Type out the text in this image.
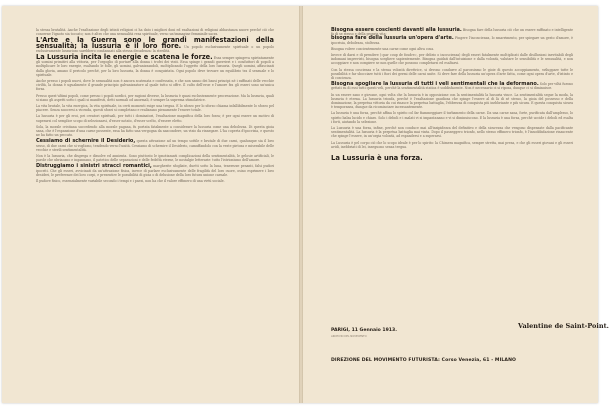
la stessa brutalità. Anche l'esaltazione degli istinti religiosi ci ha dato i migliori doni ed esaltazioni di religioni abbastanza nuove perché ciò che concerne l'ignoto sia toccato; non è altro che una sensualità resa spirituale, verso un'immagine femminile sacra.

L'Arte e la Guerra sono le grandi manifestazioni della sensualità; la lussuria è il loro fiore. Un popolo esclusivamente spirituale o un popolo esclusivamente lussurioso sarebbero condannati alla stessa decadenza: la sterilità.

La Lussuria incita le energie e scatena le forze. Essa sempre spingeva spietatamente gli uomini primitivi alla vittoria, per l'orgoglio di portare alla donna i trofei dei vinti. Essa spinge i grandi guerrieri e i conduttori di popoli a moltiplicare le loro energie, esaltando le folle, gli uomini, galvanizzandoli, moltiplicando l'oggetto della loro lussuria. Quegli uomini, affascinati dalla gloria, amano il pericolo perché, per la loro lussuria, la donna è conquistata. Ogni popolo deve trovare un equilibrio tra il sensuale e lo spirituale.

Anche presso i popoli nuovi, dove le sensualità non è ancora scatenata e confessata, e che non sanno dei bassi principi né i raffinati delle vecchie civiltà, la donna è ugualmente il grande principio galvanizzatore al quale tutto si offre. Il culto dell'eroe e l'amore fra gli esseri sono un'unica forza.

Presso quest'ultimi popoli, come presso i popoli nordici, per ragioni diverse, la lussuria è quasi esclusivamente procreazione. Ma la lussuria, quali si siano gli aspetti sotto i quali si manifesti, detti normali od anormali, è sempre la suprema stimolatrice.

La vita brutale, la vita energica, la vita spirituale, in certi momenti esige una tregua. E lo sforzo per lo sforzo chiama infallibilmente lo sforzo pel piacere. Senza nuocersi a vicenda, questi sforzi si completano e realizzano pienamente l'essere totale.

La lussuria è per gli eroi, pei creatori spirituali, per tutti i dominatori, l'esaltazione magnifica della loro forza; è per ogni essere un motivo di superarsi col semplice scopo di selezionarsi, d'esser notato, d'esser scelto, d'essere eletto.

Sola, la morale cristiana succedendo alla morale pagana, fu portata fatalmente a considerare la lussuria come una debolezza. Di questa gioia sana, che è l'espansione d'una carne possente, essa ha fatto una vergogna da nascondere, un vizio da rinnegare. L'ha coperta d'ipocrisia, e questo ne ha fatto un peccato.

Cessiamo di schernire il Desiderio, questa attrazione ad un tempo sottile e brutale di due carni, qualunque sia il loro sesso, di due carni che si vogliono, tendendo verso l'unità. Cessiamo di schernire il Desiderio, camuffandolo con la veste pietosa e miserabile delle vecchie e sterili sentimentalità.

Non è la lussuria, che disgrega e dissolve ed annienta. Sono piuttosto le ipnotizzanti complicazioni della sentimentalità, le gelosie artificiali, le parole che ubriacano e ingannano, il patetico delle separazioni e delle fedeltà eterne, le nostalgie letterarie: tutto l'istrionismo dell'amore.

Distruggiamo i sinistri stracci romantici, margherite sfogliate, duetti sotto la luna, tenerezze pesanti, falsi pudori ipocriti. Che gli esseri, avvicinati da un'attrazione fisica, invece di parlare esclusivamente delle fragilità del loro cuore, osino esprimere i loro desideri, le preferenze dei loro corpi, e presentire le possibilità di gioia o di delusione della loro futura unione carnale.

Il pudore fisico, essenzialmente variabile secondo i tempi e i paesi, non ha che il valore effimero di una virtù sociale.

Bisogna essere coscienti davanti alla lussuria. Bisogna fare della lussuria ciò che un essere raffinato e intelligente fa di se stesso e della propria vita;

bisogna fare della lussuria un'opera d'arte. Fingere l'incoscienza, lo smarrimento, per spiegare un gesto d'amore, è ipocrisia, debolezza, stoltezza.

Bisogna volere coscientemente una carne come ogni altra cosa.

Invece di darsi e di prendere («par coup de foudre», per delirio o incoscienza) degli esseri fatalmente moltiplicati dalle disillusioni inevitabili degli indomani imprevisti, bisogna scegliere sapientemente. Bisogna guidati dall'intuizione e dalla volontà, valutare le sensibilità e le sensualità, e non accoppiare e non compiere se non quelle che possono completarsi ed esaltarsi.

Con la stessa coscienza e la stessa volontà direttrice, si devono condurre al parossismo le gioie di questo accoppiamento, sviluppare tutte le possibilità e far sbocciare tutti i fiori dei germi delle carni unite. Si deve fare della lussuria un'opera d'arte fatta, come ogni opera d'arte, d'istinto e di coscienza.

Bisogna spogliare la lussuria di tutti i veli sentimentali che la deformano. Solo per viltà furono gettati su di essi tutti questi veli, perché la sentimentalità statica è soddisfacente. Non è necessario ci si riposa, dunque ci si diminuisce.

In un essere sano e giovane, ogni volta che la lussuria è in opposizione con la sentimentalità la lussuria vince. La sentimentalità segue la moda, la lussuria è eterna. La lussuria trionfa, perché è l'esaltazione gaudiosa che spinge l'essere al di là di sé stesso, la gioia del possesso e della dominazione, la perpetua vittoria da cui rinasce la perpetua battaglia, l'ebbrezza di conquista più inebbriante e più sicura. E questa conquista sicura è temporanea, dunque da ricominciare incessantemente.

La lussuria è una forza, perché affina lo spirito col far fiammeggiare il turbamento della carne. Da una carne sana, forte, purificata dall'amplesso, lo spirito balza lucido e chiaro. Solo i deboli e i malati vi si impantanano e vi si diminuiscono. E la lussuria è una forza, perché uccide i deboli ed esalta i forti, aiutando la selezione.

La Lussuria è una forza, infine, perché non conduce mai all'insipidezza del definitivo e della sicurezza che vengono dispensate dalla pacificante sentimentalità. La lussuria è la perpetua battaglia mai vinta. Dopo il passeggero trionfo, nello stesso effimero trionfo, è l'insoddisfazione rinascente che spinge l'essere, in un'orgia volontà, ad espandersi e a superarsi.

La Lussuria è pel corpo ciò che lo scopo ideale è per lo spirito: la Chimera magnifica, sempre stretta, mai presa, e che gli esseri giovani e gli esseri avidi, inebbriati di lei, inseguono senza tregua.

La Lussuria è una forza.
Valentine de Saint-Point.
PARIGI, 11 Gennaio 1913.
ARCHIVIO DEL NOVECENTO
DIREZIONE DEL MOVIMENTO FUTURISTA: Corso Venezia, 61 - MILANO
